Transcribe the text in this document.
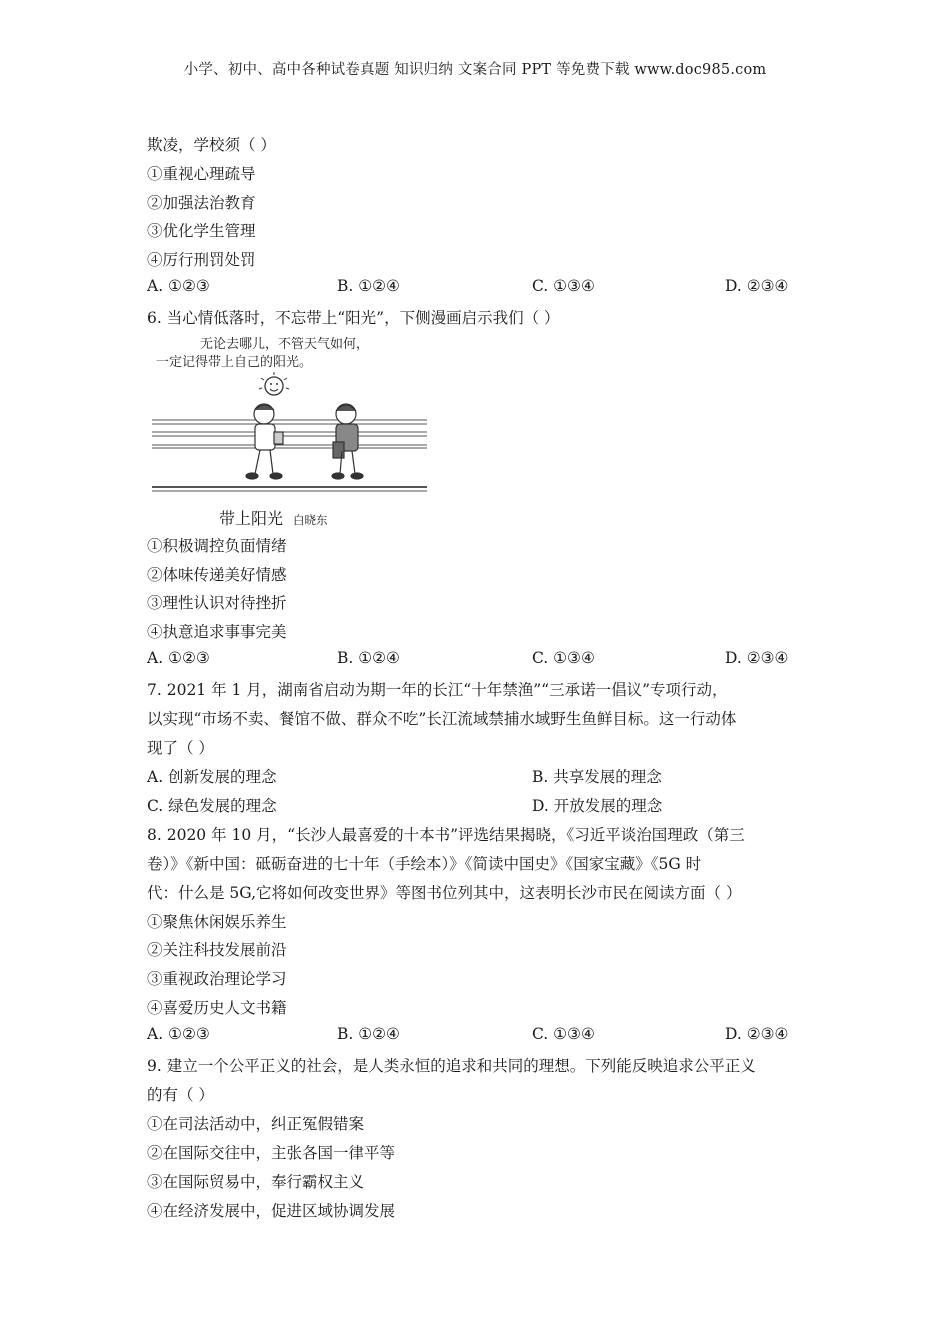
小学、初中、高中各种试卷真题 知识归纳 文案合同 PPT 等免费下载 www.doc985.com
欺凌，学校须（ ）
①重视心理疏导
②加强法治教育
③优化学生管理
④厉行刑罚处罚
A. ①②③	B. ①②④	C. ①③④	D. ②③④
6. 当心情低落时，不忘带上“阳光”，下侧漫画启示我们（ ）
无论去哪儿，不管天气如何，
一定记得带上自己的阳光。
带上阳光 白晓东
①积极调控负面情绪
②体味传递美好情感
③理性认识对待挫折
④执意追求事事完美
A. ①②③	B. ①②④	C. ①③④	D. ②③④
7. 2021 年 1 月，湖南省启动为期一年的长江“十年禁渔”“三承诺一倡议”专项行动，
以实现“市场不卖、餐馆不做、群众不吃”长江流域禁捕水域野生鱼鲜目标。这一行动体
现了（ ）
A. 创新发展的理念	B. 共享发展的理念
C. 绿色发展的理念	D. 开放发展的理念
8. 2020 年 10 月，“长沙人最喜爱的十本书”评选结果揭晓，《习近平谈治国理政（第三
卷）》《新中国：砥砺奋进的七十年（手绘本）》《简读中国史》《国家宝藏》《5G 时
代：什么是 5G,它将如何改变世界》等图书位列其中，这表明长沙市民在阅读方面（ ）
①聚焦休闲娱乐养生
②关注科技发展前沿
③重视政治理论学习
④喜爱历史人文书籍
A. ①②③	B. ①②④	C. ①③④	D. ②③④
9. 建立一个公平正义的社会，是人类永恒的追求和共同的理想。下列能反映追求公平正义
的有（ ）
①在司法活动中，纠正冤假错案
②在国际交往中，主张各国一律平等
③在国际贸易中，奉行霸权主义
④在经济发展中，促进区域协调发展
